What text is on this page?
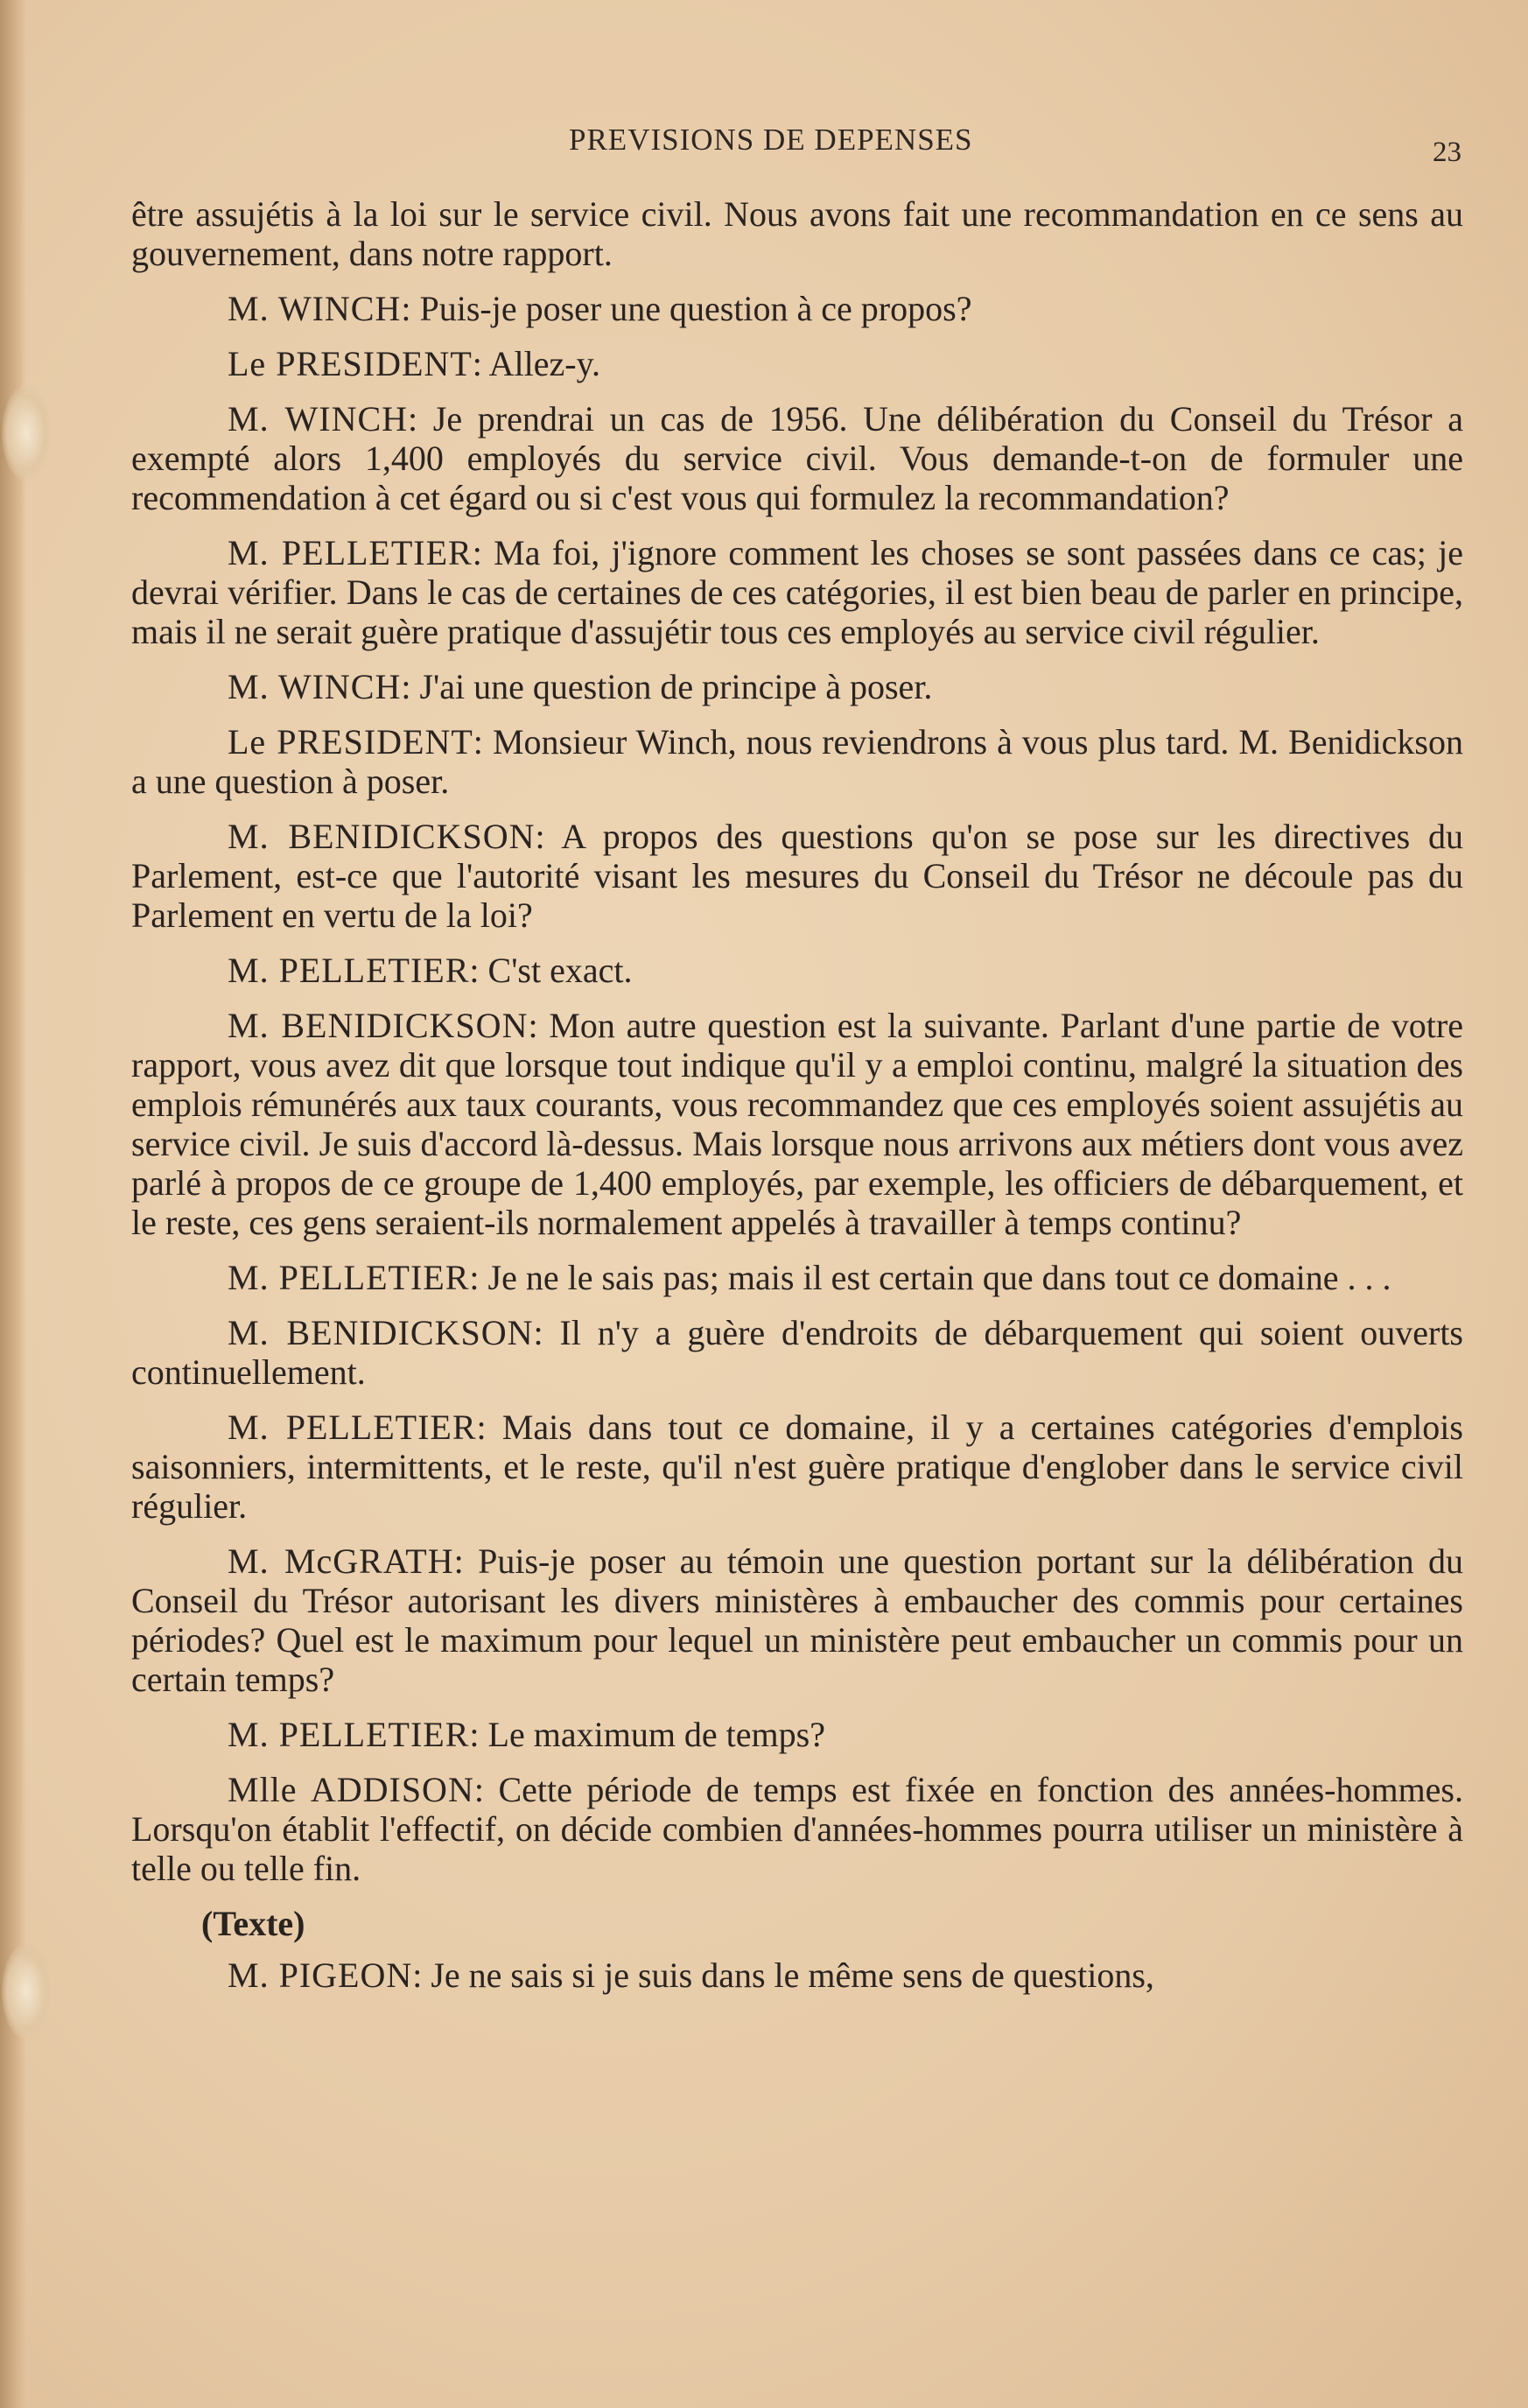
PREVISIONS DE DEPENSES	23

être assujétis à la loi sur le service civil. Nous avons fait une recommandation en ce sens au gouvernement, dans notre rapport.

M. WINCH: Puis-je poser une question à ce propos?

Le PRESIDENT: Allez-y.

M. WINCH: Je prendrai un cas de 1956. Une délibération du Conseil du Trésor a exempté alors 1,400 employés du service civil. Vous demande-t-on de formuler une recommendation à cet égard ou si c'est vous qui formulez la recommandation?

M. PELLETIER: Ma foi, j'ignore comment les choses se sont passées dans ce cas; je devrai vérifier. Dans le cas de certaines de ces catégories, il est bien beau de parler en principe, mais il ne serait guère pratique d'assujétir tous ces employés au service civil régulier.

M. WINCH: J'ai une question de principe à poser.

Le PRESIDENT: Monsieur Winch, nous reviendrons à vous plus tard. M. Benidickson a une question à poser.

M. BENIDICKSON: A propos des questions qu'on se pose sur les directives du Parlement, est-ce que l'autorité visant les mesures du Conseil du Trésor ne découle pas du Parlement en vertu de la loi?

M. PELLETIER: C'st exact.

M. BENIDICKSON: Mon autre question est la suivante. Parlant d'une partie de votre rapport, vous avez dit que lorsque tout indique qu'il y a emploi continu, malgré la situation des emplois rémunérés aux taux courants, vous recommandez que ces employés soient assujétis au service civil. Je suis d'accord là-dessus. Mais lorsque nous arrivons aux métiers dont vous avez parlé à propos de ce groupe de 1,400 employés, par exemple, les officiers de débarquement, et le reste, ces gens seraient-ils normalement appelés à travailler à temps continu?

M. PELLETIER: Je ne le sais pas; mais il est certain que dans tout ce domaine . . .

M. BENIDICKSON: Il n'y a guère d'endroits de débarquement qui soient ouverts continuellement.

M. PELLETIER: Mais dans tout ce domaine, il y a certaines catégories d'emplois saisonniers, intermittents, et le reste, qu'il n'est guère pratique d'englober dans le service civil régulier.

M. McGRATH: Puis-je poser au témoin une question portant sur la délibération du Conseil du Trésor autorisant les divers ministères à embaucher des commis pour certaines périodes? Quel est le maximum pour lequel un ministère peut embaucher un commis pour un certain temps?

M. PELLETIER: Le maximum de temps?

Mlle ADDISON: Cette période de temps est fixée en fonction des années-hommes. Lorsqu'on établit l'effectif, on décide combien d'années-hommes pourra utiliser un ministère à telle ou telle fin.

(Texte)

M. PIGEON: Je ne sais si je suis dans le même sens de questions,
